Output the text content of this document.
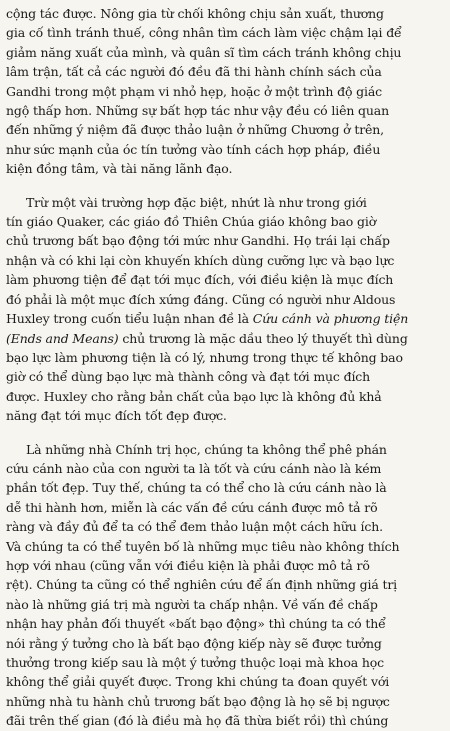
cộng tác được. Nông gia từ chối không chịu sản xuất, thương
gia cố tình tránh thuế, công nhân tìm cách làm việc chậm lại để
giảm năng xuất của mình, và quân sĩ tìm cách tránh không chịu
lâm trận, tất cả các người đó đều đã thi hành chính sách của
Gandhi trong một phạm vi nhỏ hẹp, hoặc ở một trình độ giác
ngộ thấp hơn. Những sự bất hợp tác như vậy đều có liên quan
đến những ý niệm đã được thảo luận ở những Chương ở trên,
như sức mạnh của óc tín tưởng vào tính cách hợp pháp, điều
kiện đồng tâm, và tài năng lãnh đạo.
Trừ một vài trường hợp đặc biệt, nhứt là như trong giới
tín giáo Quaker, các giáo đồ Thiên Chúa giáo không bao giờ
chủ trương bất bạo động tới mức như Gandhi. Họ trái lại chấp
nhận và có khi lại còn khuyến khích dùng cưỡng lực và bạo lực
làm phương tiện để đạt tới mục đích, với điều kiện là mục đích
đó phải là một mục đích xứng đáng. Cũng có người như Aldous
Huxley trong cuốn tiểu luận nhan đề là Cứu cánh và phương tiện
(Ends and Means) chủ trương là mặc dầu theo lý thuyết thì dùng
bạo lực làm phương tiện là có lý, nhưng trong thực tế không bao
giờ có thể dùng bạo lực mà thành công và đạt tới mục đích
được. Huxley cho rằng bản chất của bạo lực là không đủ khả
năng đạt tới mục đích tốt đẹp được.
Là những nhà Chính trị học, chúng ta không thể phê phán
cứu cánh nào của con người ta là tốt và cứu cánh nào là kém
phần tốt đẹp. Tuy thế, chúng ta có thể cho là cứu cánh nào là
dễ thi hành hơn, miễn là các vấn đề cứu cánh được mô tả rõ
ràng và đầy đủ để ta có thể đem thảo luận một cách hữu ích.
Và chúng ta có thể tuyên bố là những mục tiêu nào không thích
hợp với nhau (cũng vẫn với điều kiện là phải được mô tả rõ
rệt). Chúng ta cũng có thể nghiên cứu để ấn định những giá trị
nào là những giá trị mà người ta chấp nhận. Về vấn đề chấp
nhận hay phản đối thuyết «bất bạo động» thì chúng ta có thể
nói rằng ý tưởng cho là bất bạo động kiếp này sẽ được tưởng
thưởng trong kiếp sau là một ý tưởng thuộc loại mà khoa học
không thể giải quyết được. Trong khi chúng ta đoan quyết với
những nhà tu hành chủ trương bất bạo động là họ sẽ bị ngược
đãi trên thế gian (đó là điều mà họ đã thừa biết rồi) thì chúng
